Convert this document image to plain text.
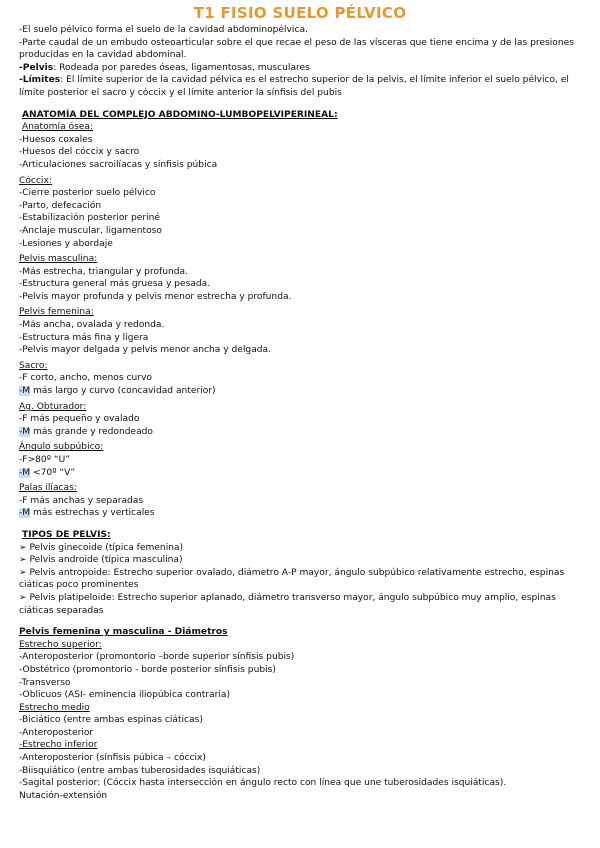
T1 FISIO SUELO PÉLVICO
-El suelo pélvico forma el suelo de la cavidad abdominopélvica.
-Parte caudal de un embudo osteoarticular sobre el que recae el peso de las vísceras que tiene encima y de las presiones producidas en la cavidad abdominal.
-Pelvis: Rodeada por paredes óseas, ligamentosas, musculares
-Límites: El límite superior de la cavidad pélvica es el estrecho superior de la pelvis, el límite inferior el suelo pélvico, el límite posterior el sacro y cóccix y el límite anterior la sínfisis del pubis
ANATOMÍA DEL COMPLEJO ABDOMINO-LUMBOPELVIPERINEAL:
Anatomía ósea:
-Huesos coxales
-Huesos del cóccix y sacro
-Articulaciones sacroilíacas y sínfisis púbica
Cóccix:
-Cierre posterior suelo pélvico
-Parto, defecación
-Estabilización posterior periné
-Anclaje muscular, ligamentoso
-Lesiones y abordaje
Pelvis masculina:
-Más estrecha, triangular y profunda.
-Estructura general más gruesa y pesada.
-Pelvis mayor profunda y pelvis menor estrecha y profunda.
Pelvis femenina:
-Más ancha, ovalada y redonda.
-Estructura más fina y ligera
-Pelvis mayor delgada y pelvis menor ancha y delgada.
Sacro:
-F corto, ancho, menos curvo
-M más largo y curvo (concavidad anterior)
Ag. Obturador:
-F más pequeño y ovalado
-M más grande y redondeado
Ángulo subpúbico:
-F>80º “U”
-M <70º “V”
Palas ilíacas:
-F más anchas y separadas
-M más estrechas y verticales
TIPOS DE PELVIS:
➢ Pelvis ginecoide (típica femenina)
➢ Pelvis androide (típica masculina)
➢ Pelvis antropoide: Estrecho superior ovalado, diámetro A-P mayor, ángulo subpúbico relativamente estrecho, espinas ciáticas poco prominentes
➢ Pelvis platipeloide: Estrecho superior aplanado, diámetro transverso mayor, ángulo subpúbico muy amplio, espinas ciáticas separadas
Pelvis femenina y masculina - Diámetros
Estrecho superior:
-Anteroposterior (promontorio –borde superior sínfisis pubis)
-Obstétrico (promontorio - borde posterior sínfisis pubis)
-Transverso
-Oblicuos (ASI- eminencia iliopúbica contraria)
Estrecho medio
-Biciático (entre ambas espinas ciáticas)
-Anteroposterior
-Estrecho inferior
-Anteroposterior (sínfisis púbica – cóccix)
-Biisquiático (entre ambas tuberosidades isquiáticas)
-Sagital posterior: (Cóccix hasta intersección en ángulo recto con línea que une tuberosidades isquiáticas).
Nutación-extensión
